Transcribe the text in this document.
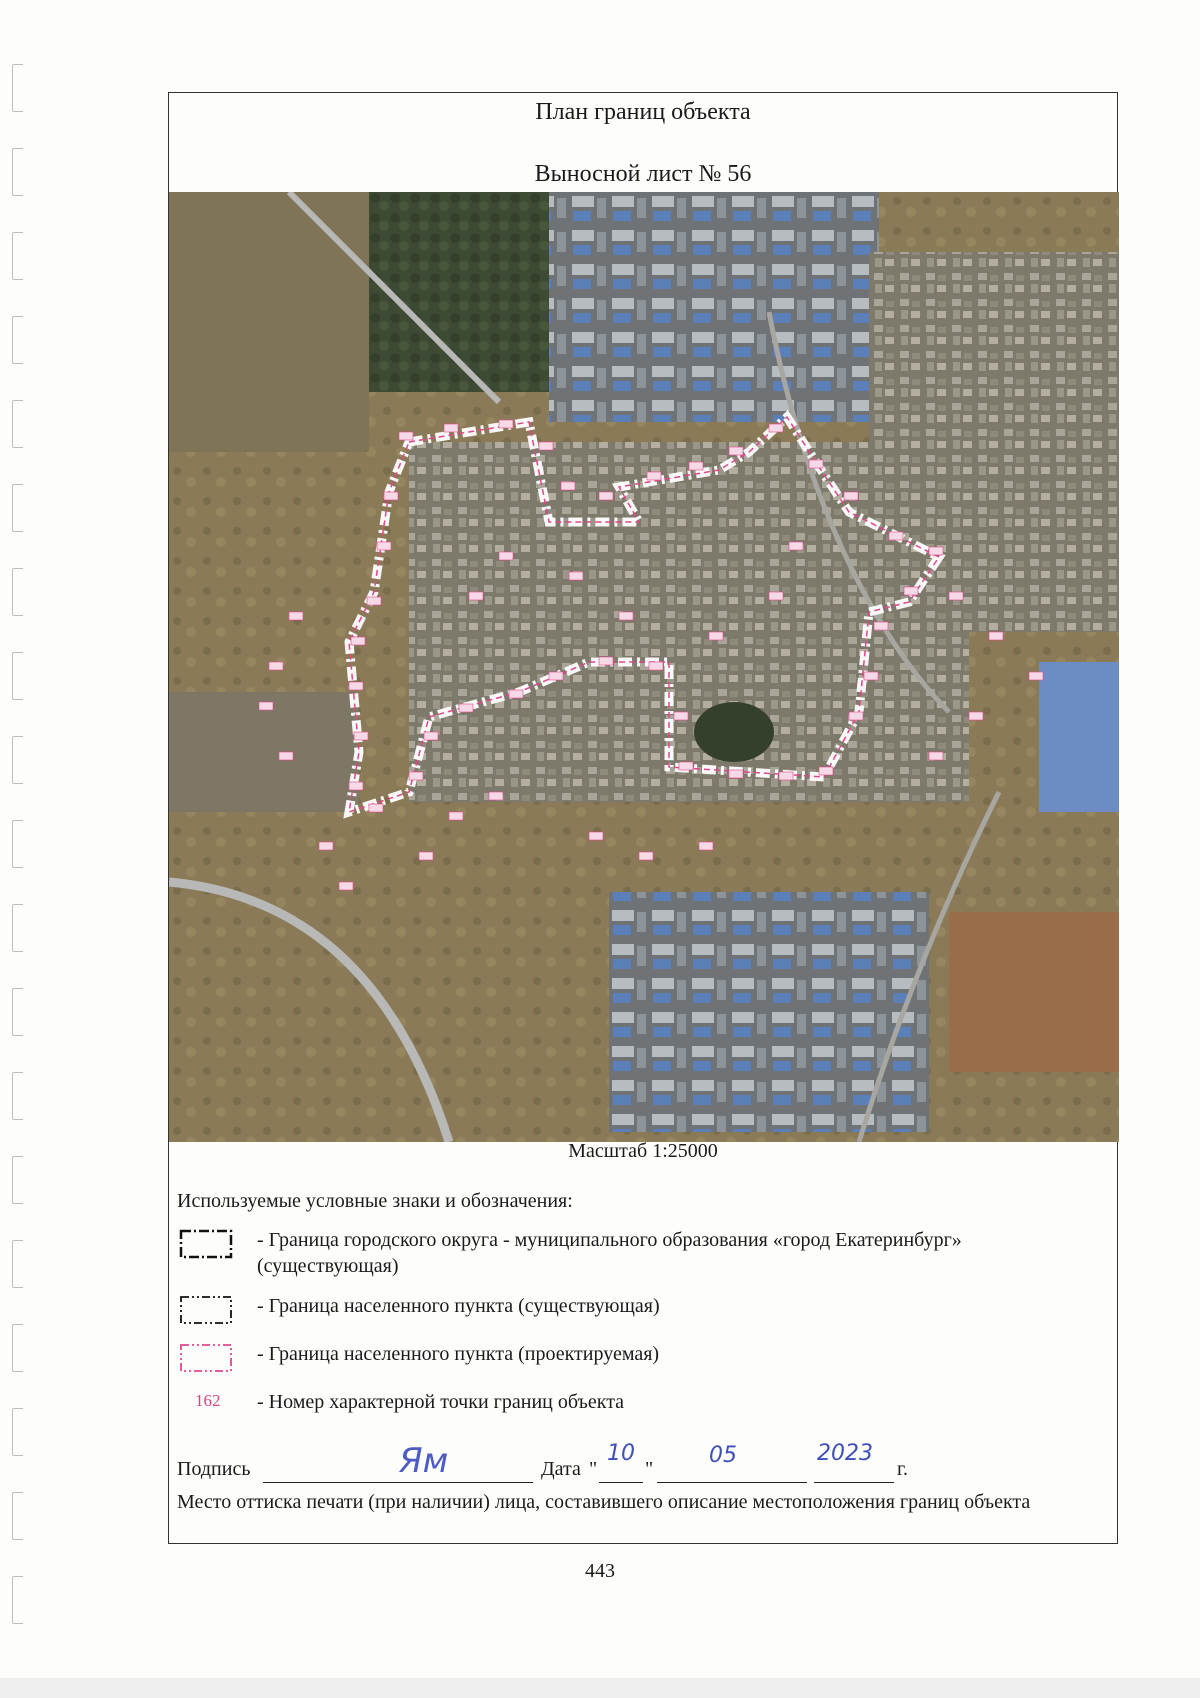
План границ объекта
Выносной лист № 56
Масштаб 1:25000
Используемые условные знаки и обозначения:
- Граница городского округа - муниципального образования «город Екатеринбург» (существующая)
- Граница населенного пункта (существующая)
- Граница населенного пункта (проектируемая)
162 - Номер характерной точки границ объекта
Подпись	Ям	Дата "
10
"
05	2023
г.
Место оттиска печати (при наличии) лица, составившего описание местоположения границ объекта
443
